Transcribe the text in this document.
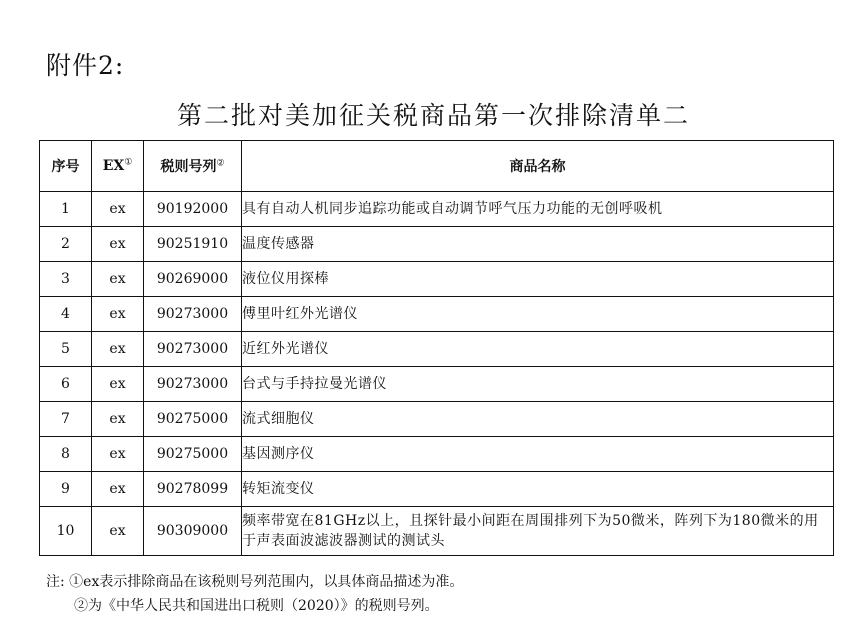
附件2:
第二批对美加征关税商品第一次排除清单二
序号	EX①	税则号列②	商品名称
1	ex	90192000	具有自动人机同步追踪功能或自动调节呼气压力功能的无创呼吸机
2	ex	90251910	温度传感器
3	ex	90269000	液位仪用探棒
4	ex	90273000	傅里叶红外光谱仪
5	ex	90273000	近红外光谱仪
6	ex	90273000	台式与手持拉曼光谱仪
7	ex	90275000	流式细胞仪
8	ex	90275000	基因测序仪
9	ex	90278099	转矩流变仪
10	ex	90309000	频率带宽在81GHz以上，且探针最小间距在周围排列下为50微米，阵列下为180微米的用于声表面波滤波器测试的测试头
注: ①ex表示排除商品在该税则号列范围内，以具体商品描述为准。
②为《中华人民共和国进出口税则（2020）》的税则号列。
